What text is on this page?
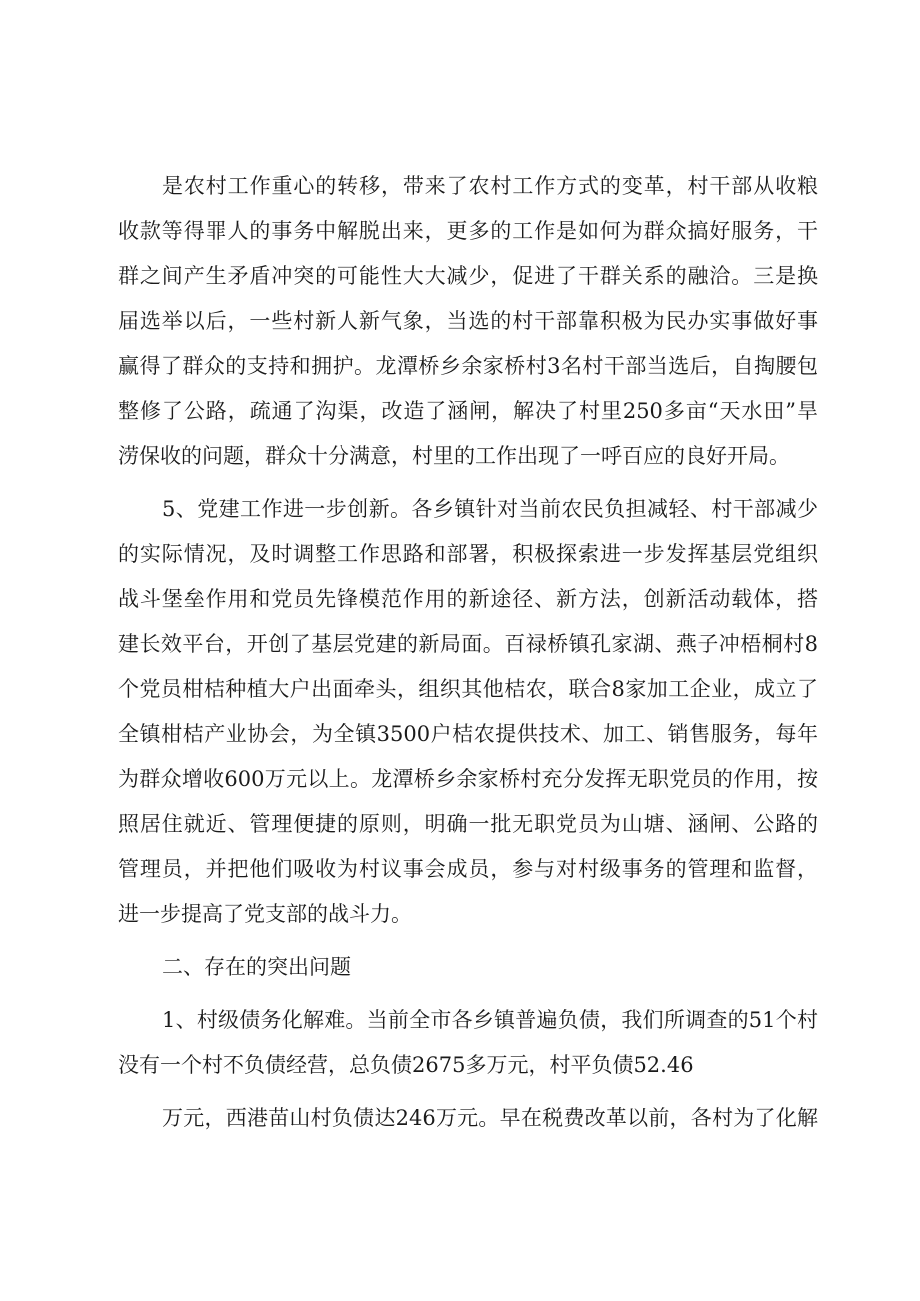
是农村工作重心的转移，带来了农村工作方式的变革，村干部从收粮
收款等得罪人的事务中解脱出来，更多的工作是如何为群众搞好服务，干
群之间产生矛盾冲突的可能性大大减少，促进了干群关系的融洽。三是换
届选举以后，一些村新人新气象，当选的村干部靠积极为民办实事做好事
赢得了群众的支持和拥护。龙潭桥乡余家桥村3名村干部当选后，自掏腰包
整修了公路，疏通了沟渠，改造了涵闸，解决了村里250多亩“天水田”旱
涝保收的问题，群众十分满意，村里的工作出现了一呼百应的良好开局。
5、党建工作进一步创新。各乡镇针对当前农民负担减轻、村干部减少
的实际情况，及时调整工作思路和部署，积极探索进一步发挥基层党组织
战斗堡垒作用和党员先锋模范作用的新途径、新方法，创新活动载体，搭
建长效平台，开创了基层党建的新局面。百禄桥镇孔家湖、燕子冲梧桐村8
个党员柑桔种植大户出面牵头，组织其他桔农，联合8家加工企业，成立了
全镇柑桔产业协会，为全镇3500户桔农提供技术、加工、销售服务，每年
为群众增收600万元以上。龙潭桥乡余家桥村充分发挥无职党员的作用，按
照居住就近、管理便捷的原则，明确一批无职党员为山塘、涵闸、公路的
管理员，并把他们吸收为村议事会成员，参与对村级事务的管理和监督，
进一步提高了党支部的战斗力。
二、存在的突出问题
1、村级债务化解难。当前全市各乡镇普遍负债，我们所调查的51个村
没有一个村不负债经营，总负债2675多万元，村平负债52.46
万元，西港苗山村负债达246万元。早在税费改革以前，各村为了化解
